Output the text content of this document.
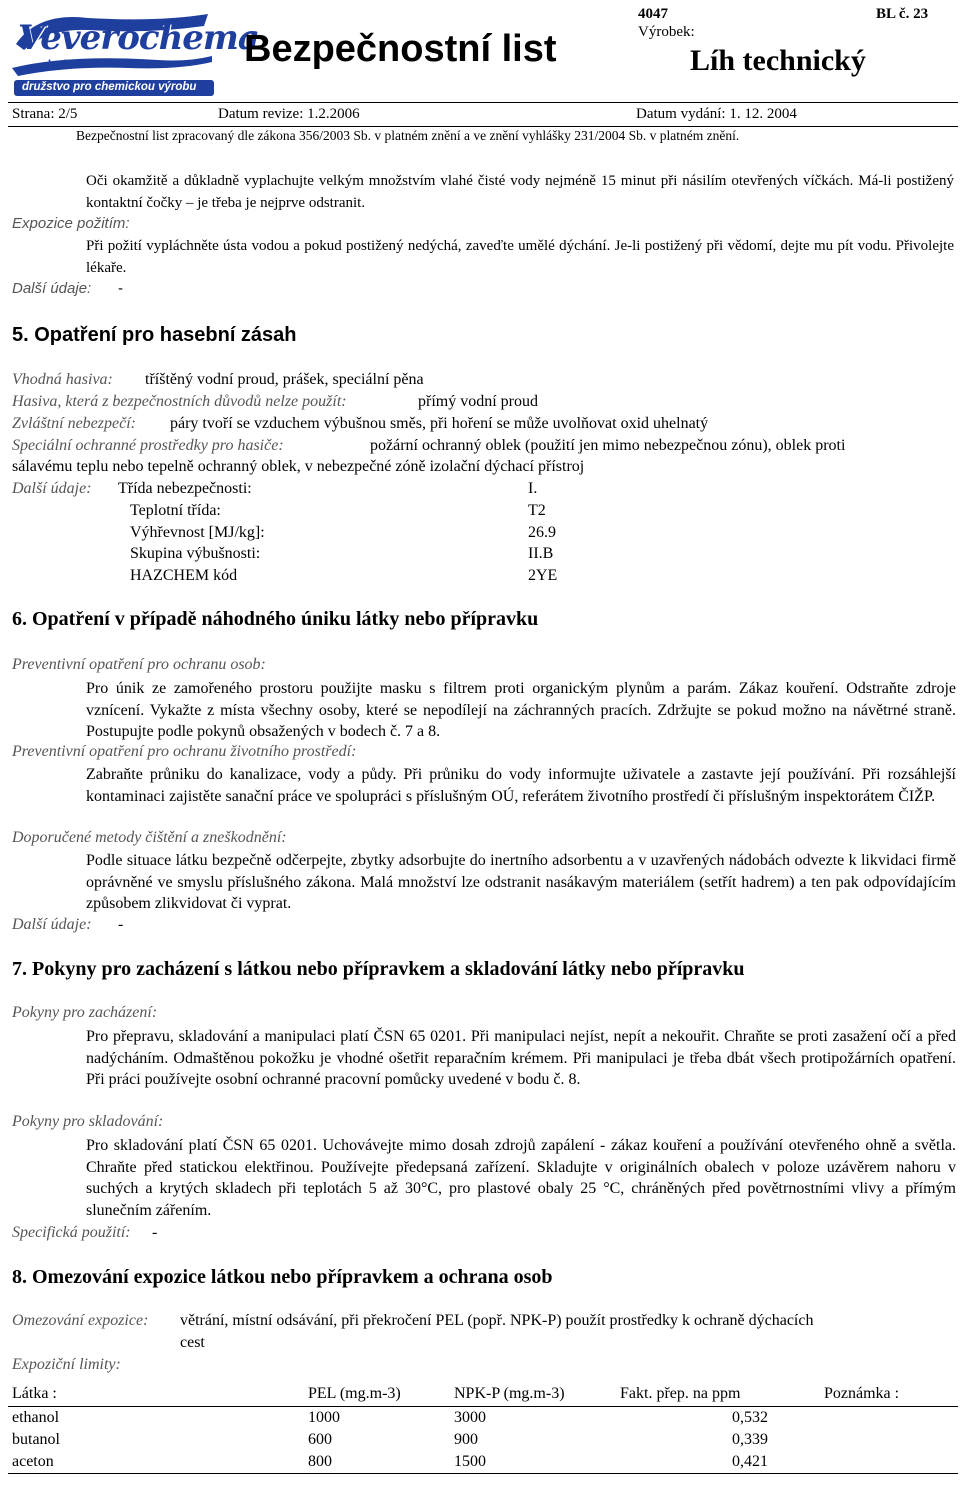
Veverochema
LIBEREC
družstvo pro chemickou výrobu
Bezpečnostní list
4047	BL č. 23
Výrobek:
Líh technický
Strana: 2/5	Datum revize: 1.2.2006	Datum vydání: 1. 12. 2004
Bezpečnostní list zpracovaný dle zákona 356/2003 Sb. v platném znění a ve znění vyhlášky 231/2004 Sb. v platném znění.
Oči okamžitě a důkladně vyplachujte velkým množstvím vlahé čisté vody nejméně 15 minut při násilím otevřených víčkách. Má-li postižený kontaktní čočky – je třeba je nejprve odstranit.
Expozice požitím:
Při požití vypláchněte ústa vodou a pokud postižený nedýchá, zaveďte umělé dýchání. Je-li postižený při vědomí, dejte mu pít vodu. Přivolejte lékaře.
Další údaje: -
5. Opatření pro hasební zásah
Vhodná hasiva: tříštěný vodní proud, prášek, speciální pěna
Hasiva, která z bezpečnostních důvodů nelze použít:	přímý vodní proud
Zvláštní nebezpečí: páry tvoří se vzduchem výbušnou směs, při hoření se může uvolňovat oxid uhelnatý
Speciální ochranné prostředky pro hasiče:	požární ochranný oblek (použití jen mimo nebezpečnou zónu), oblek proti
sálavému teplu nebo tepelně ochranný oblek, v nebezpečné zóně izolační dýchací přístroj
Další údaje: Třída nebezpečnosti:	I.
Teplotní třída:	T2
Výhřevnost [MJ/kg]:	26.9
Skupina výbušnosti:	II.B
HAZCHEM kód	2YE
6. Opatření v případě náhodného úniku látky nebo přípravku
Preventivní opatření pro ochranu osob:
Pro únik ze zamořeného prostoru použijte masku s filtrem proti organickým plynům a parám. Zákaz kouření. Odstraňte zdroje vznícení. Vykažte z místa všechny osoby, které se nepodílejí na záchranných pracích. Zdržujte se pokud možno na návětrné straně. Postupujte podle pokynů obsažených v bodech č. 7 a 8.
Preventivní opatření pro ochranu životního prostředí:
Zabraňte průniku do kanalizace, vody a půdy. Při průniku do vody informujte uživatele a zastavte její používání. Při rozsáhlejší kontaminaci zajistěte sanační práce ve spolupráci s příslušným OÚ, referátem životního prostředí či příslušným inspektorátem ČIŽP.
Doporučené metody čištění a zneškodnění:
Podle situace látku bezpečně odčerpejte, zbytky adsorbujte do inertního adsorbentu a v uzavřených nádobách odvezte k likvidaci firmě oprávněné ve smyslu příslušného zákona. Malá množství lze odstranit nasákavým materiálem (setřít hadrem) a ten pak odpovídajícím způsobem zlikvidovat či vyprat.
Další údaje: -
7. Pokyny pro zacházení s látkou nebo přípravkem a skladování látky nebo přípravku
Pokyny pro zacházení:
Pro přepravu, skladování a manipulaci platí ČSN 65 0201. Při manipulaci nejíst, nepít a nekouřit. Chraňte se proti zasažení očí a před nadýcháním. Odmaštěnou pokožku je vhodné ošetřit reparačním krémem. Při manipulaci je třeba dbát všech protipožárních opatření. Při práci používejte osobní ochranné pracovní pomůcky uvedené v bodu č. 8.
Pokyny pro skladování:
Pro skladování platí ČSN 65 0201. Uchovávejte mimo dosah zdrojů zapálení - zákaz kouření a používání otevřeného ohně a světla. Chraňte před statickou elektřinou. Používejte předepsaná zařízení. Skladujte v originálních obalech v poloze uzávěrem nahoru v suchých a krytých skladech při teplotách 5 až 30°C, pro plastové obaly 25 °C, chráněných před povětrnostními vlivy a přímým slunečním zářením.
Specifická použití: -
8. Omezování expozice látkou nebo přípravkem a ochrana osob
Omezování expozice: větrání, místní odsávání, při překročení PEL (popř. NPK-P) použít prostředky k ochraně dýchacích
cest
Expoziční limity:
Látka :	PEL (mg.m-3)	NPK-P (mg.m-3)	Fakt. přep. na ppm	Poznámka :
ethanol	1000	3000	0,532	
butanol	600	900	0,339	
aceton	800	1500	0,421	
